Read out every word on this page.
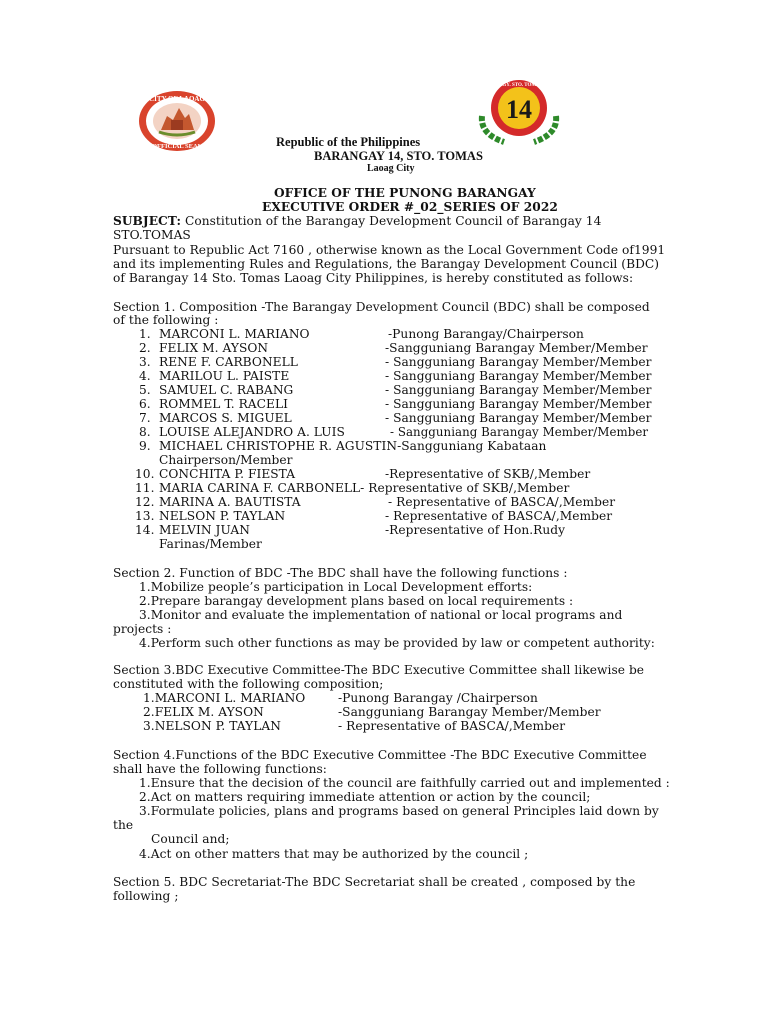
CITY OF LAOAG
OFFICIAL SEAL
14
BRGY. STO. TOMAS
Republic of the Philippines
BARANGAY 14, STO. TOMAS
Laoag City
OFFICE OF THE PUNONG BARANGAY
EXECUTIVE ORDER #_02_SERIES OF 2022
SUBJECT: Constitution of the Barangay Development Council of Barangay 14
STO.TOMAS
Pursuant to Republic Act 7160 , otherwise known as the Local Government Code of1991
and its implementing Rules and Regulations, the Barangay Development Council (BDC)
of Barangay 14 Sto. Tomas Laoag City Philippines, is hereby constituted as follows:
Section 1. Composition -The Barangay Development Council (BDC) shall be composed
of the following :
1. MARCONI L. MARIANO	-Punong Barangay/Chairperson
2. FELIX M. AYSON	-Sangguniang Barangay Member/Member
3. RENE F. CARBONELL	- Sangguniang Barangay Member/Member
4. MARILOU L. PAISTE	- Sangguniang Barangay Member/Member
5. SAMUEL C. RABANG	- Sangguniang Barangay Member/Member
6. ROMMEL T. RACELI	- Sangguniang Barangay Member/Member
7. MARCOS S. MIGUEL	- Sangguniang Barangay Member/Member
8. LOUISE ALEJANDRO A. LUIS	- Sangguniang Barangay Member/Member
9. MICHAEL CHRISTOPHE R. AGUSTIN-Sangguniang Kabataan
Chairperson/Member
10. CONCHITA P. FIESTA	-Representative of SKB/,Member
11. MARIA CARINA F. CARBONELL- Representative of SKB/,Member
12. MARINA A. BAUTISTA	- Representative of BASCA/,Member
13. NELSON P. TAYLAN	- Representative of BASCA/,Member
14. MELVIN JUAN	-Representative of Hon.Rudy
Farinas/Member
Section 2. Function of BDC -The BDC shall have the following functions :
1.Mobilize people’s participation in Local Development efforts:
2.Prepare barangay development plans based on local requirements :
3.Monitor and evaluate the implementation of national or local programs and
projects :
4.Perform such other functions as may be provided by law or competent authority:
Section 3.BDC Executive Committee-The BDC Executive Committee shall likewise be
constituted with the following composition;
1.MARCONI L. MARIANO	-Punong Barangay /Chairperson
2.FELIX M. AYSON	-Sangguniang Barangay Member/Member
3.NELSON P. TAYLAN	- Representative of BASCA/,Member
Section 4.Functions of the BDC Executive Committee -The BDC Executive Committee
shall have the following functions:
1.Ensure that the decision of the council are faithfully carried out and implemented :
2.Act on matters requiring immediate attention or action by the council;
3.Formulate policies, plans and programs based on general Principles laid down by
the
Council and;
4.Act on other matters that may be authorized by the council ;
Section 5. BDC Secretariat-The BDC Secretariat shall be created , composed by the
following ;
